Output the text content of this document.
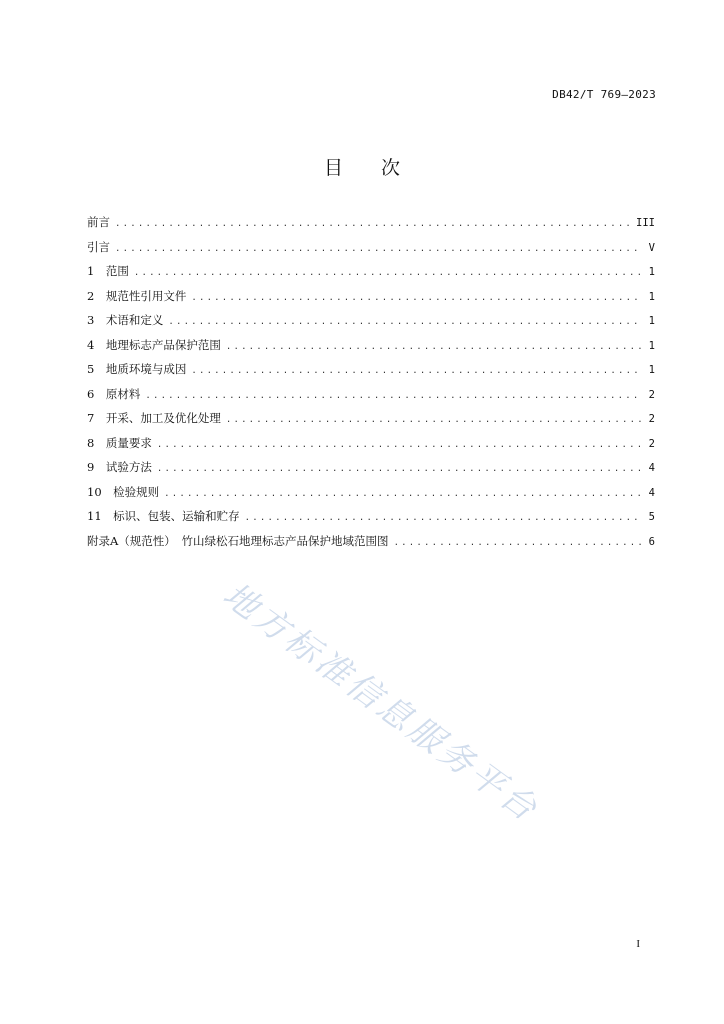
DB42/T 769—2023
目　　次
前言 .....	III
引言 .....	V
1　范围 .....	1
2　规范性引用文件 .....	1
3　术语和定义 .....	1
4　地理标志产品保护范围 .....	1
5　地质环境与成因 .....	1
6　原材料 .....	2
7　开采、加工及优化处理 .....	2
8　质量要求 .....	2
9　试验方法 .....	4
10　检验规则 .....	4
11　标识、包装、运输和贮存 .....	5
附录A（规范性）　竹山绿松石地理标志产品保护地域范围图 .....	6
地方标准信息服务平台
I
